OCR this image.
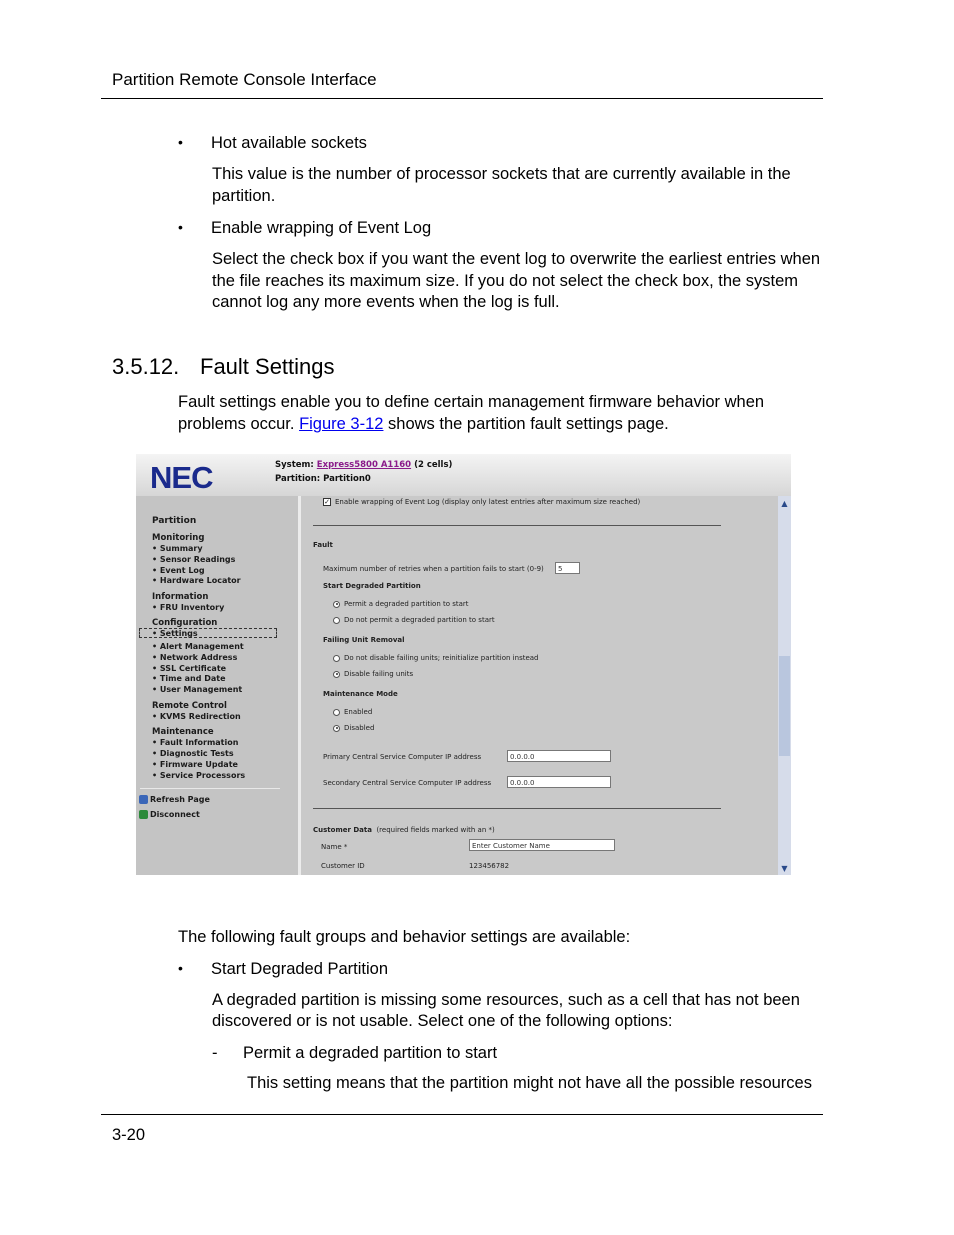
Partition Remote Console Interface
• Hot available sockets
This value is the number of processor sockets that are currently available in the
partition.
• Enable wrapping of Event Log
Select the check box if you want the event log to overwrite the earliest entries when
the file reaches its maximum size. If you do not select the check box, the system
cannot log any more events when the log is full.
3.5.12. Fault Settings
Fault settings enable you to define certain management firmware behavior when
problems occur. Figure 3-12 shows the partition fault settings page.
NEC	System: Express5800 A1160 (2 cells)
Partition: Partition0
Partition
Monitoring
• Summary
• Sensor Readings
• Event Log
• Hardware Locator
Information
• FRU Inventory
Configuration
• Settings
• Alert Management
• Network Address
• SSL Certificate
• Time and Date
• User Management
Remote Control
• KVMS Redirection
Maintenance
• Fault Information
• Diagnostic Tests
• Firmware Update
• Service Processors
Refresh Page
Disconnect
✓ Enable wrapping of Event Log (display only latest entries after maximum size reached)
Fault
Maximum number of retries when a partition fails to start (0-9)	5
Start Degraded Partition
Permit a degraded partition to start
Do not permit a degraded partition to start
Failing Unit Removal
Do not disable failing units; reinitialize partition instead
Disable failing units
Maintenance Mode
Enabled
Disabled
Primary Central Service Computer IP address	0.0.0.0
Secondary Central Service Computer IP address	0.0.0.0
Customer Data (required fields marked with an *)
Name *	Enter Customer Name
Customer ID	123456782
▲
▼
The following fault groups and behavior settings are available:
• Start Degraded Partition
A degraded partition is missing some resources, such as a cell that has not been
discovered or is not usable. Select one of the following options:
- Permit a degraded partition to start
This setting means that the partition might not have all the possible resources
3-20
